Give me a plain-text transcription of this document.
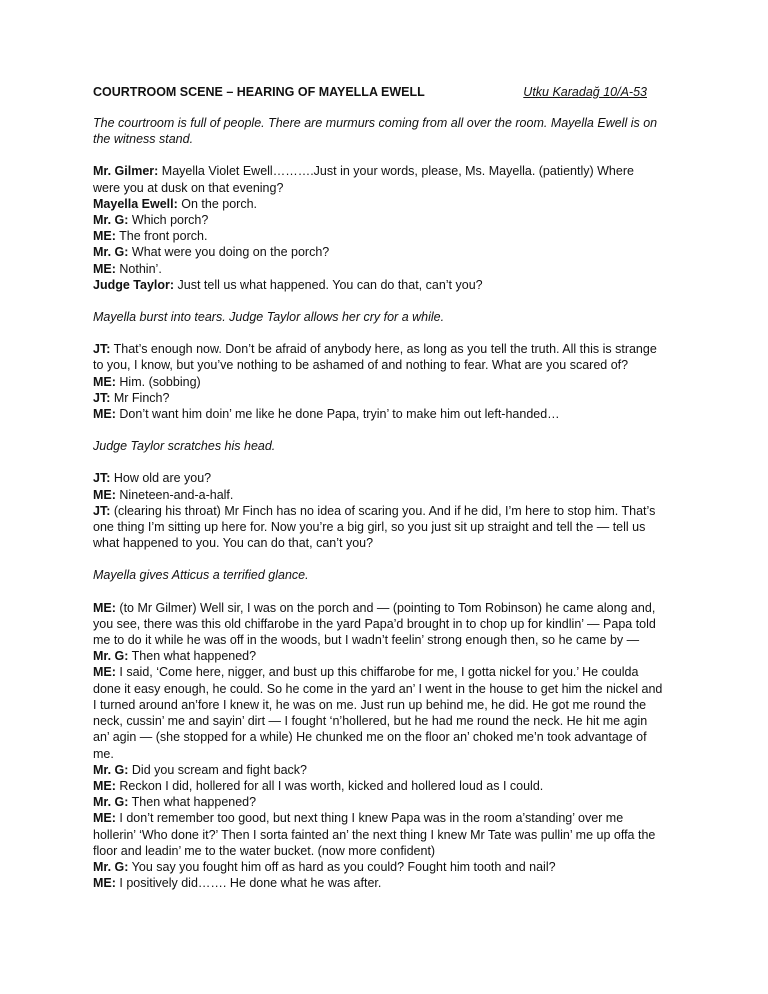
COURTROOM SCENE – HEARING OF MAYELLA EWELL	Utku Karadağ 10/A-53

The courtroom is full of people. There are murmurs coming from all over the room. Mayella Ewell is on the witness stand.

Mr. Gilmer: Mayella Violet Ewell……….Just in your words, please, Ms. Mayella. (patiently) Where were you at dusk on that evening?

Mayella Ewell: On the porch.

Mr. G: Which porch?

ME: The front porch.

Mr. G: What were you doing on the porch?

ME: Nothin’.

Judge Taylor: Just tell us what happened. You can do that, can’t you?

Mayella burst into tears. Judge Taylor allows her cry for a while.

JT: That’s enough now. Don’t be afraid of anybody here, as long as you tell the truth. All this is strange to you, I know, but you’ve nothing to be ashamed of and nothing to fear. What are you scared of?

ME: Him. (sobbing)

JT: Mr Finch?

ME: Don’t want him doin’ me like he done Papa, tryin’ to make him out left-handed…

Judge Taylor scratches his head.

JT: How old are you?

ME: Nineteen-and-a-half.

JT: (clearing his throat) Mr Finch has no idea of scaring you. And if he did, I’m here to stop him. That’s one thing I’m sitting up here for. Now you’re a big girl, so you just sit up straight and tell the — tell us what happened to you. You can do that, can’t you?

Mayella gives Atticus a terrified glance.

ME: (to Mr Gilmer) Well sir, I was on the porch and — (pointing to Tom Robinson) he came along and, you see, there was this old chiffarobe in the yard Papa’d brought in to chop up for kindlin’ — Papa told me to do it while he was off in the woods, but I wadn’t feelin’ strong enough then, so he came by —

Mr. G: Then what happened?

ME: I said, ‘Come here, nigger, and bust up this chiffarobe for me, I gotta nickel for you.’ He coulda done it easy enough, he could. So he come in the yard an’ I went in the house to get him the nickel and I turned around an’fore I knew it, he was on me. Just run up behind me, he did. He got me round the neck, cussin’ me and sayin’ dirt — I fought ‘n’hollered, but he had me round the neck. He hit me agin an’ agin — (she stopped for a while) He chunked me on the floor an’ choked me’n took advantage of me.

Mr. G: Did you scream and fight back?

ME: Reckon I did, hollered for all I was worth, kicked and hollered loud as I could.

Mr. G: Then what happened?

ME: I don’t remember too good, but next thing I knew Papa was in the room a’standing’ over me hollerin’ ‘Who done it?’ Then I sorta fainted an’ the next thing I knew Mr Tate was pullin’ me up offa the floor and leadin’ me to the water bucket. (now more confident)

Mr. G: You say you fought him off as hard as you could? Fought him tooth and nail?

ME: I positively did……. He done what he was after.
